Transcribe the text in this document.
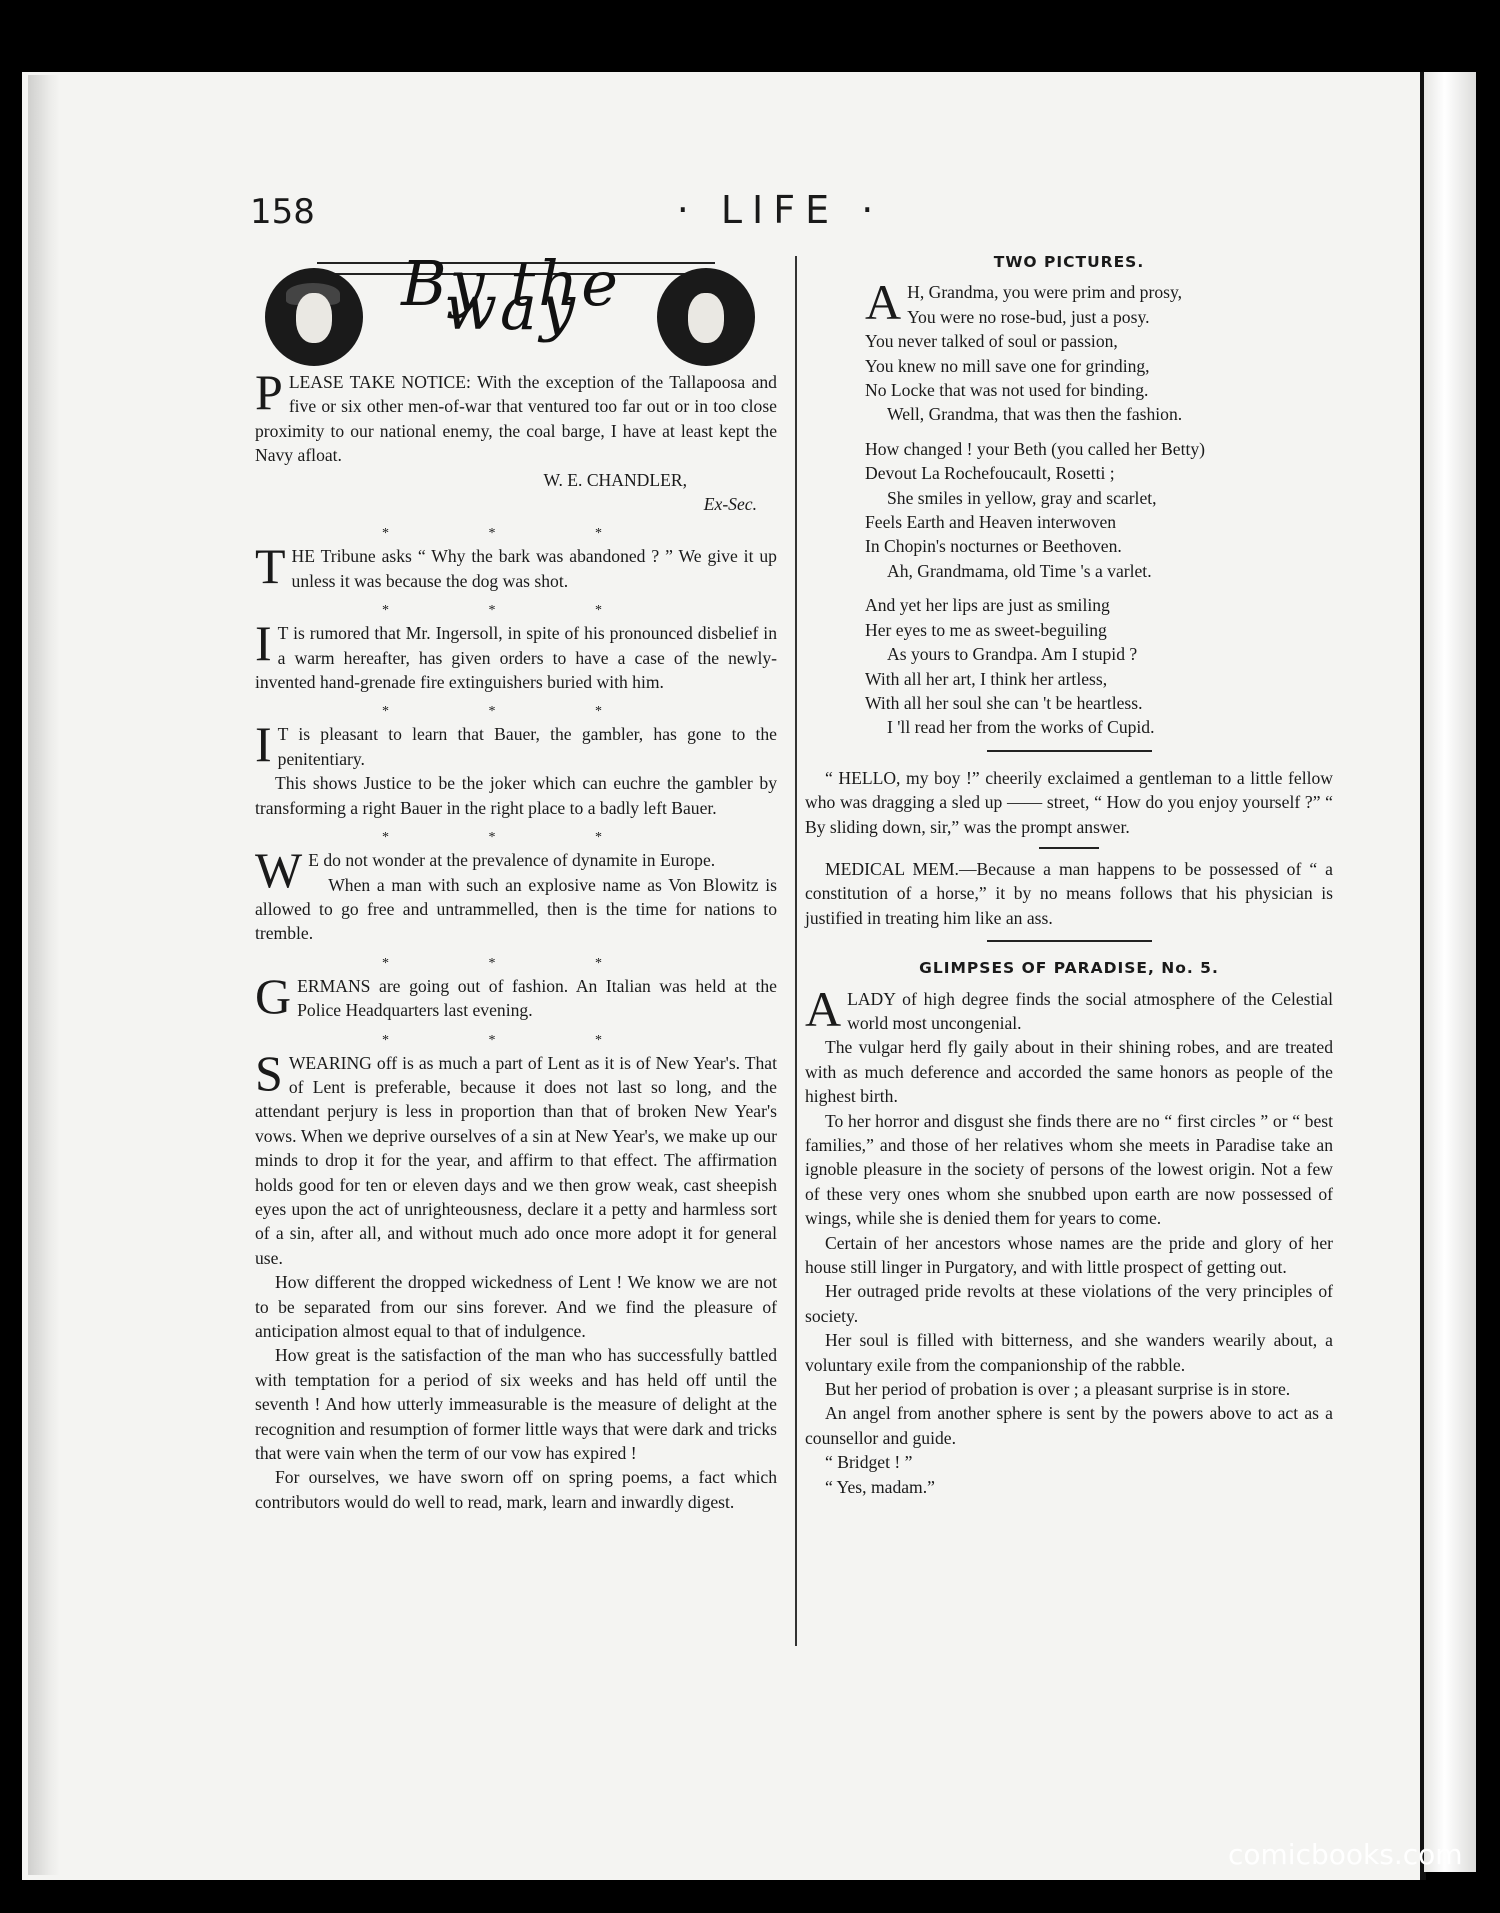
158	· LIFE ·
By the way

PLEASE TAKE NOTICE: With the exception of the Tallapoosa and five or six other men-of-war that ventured too far out or in too close proximity to our national enemy, the coal barge, I have at least kept the Navy afloat.

W. E. CHANDLER,
Ex-Sec.
* * *

THE Tribune asks “ Why the bark was abandoned ? ” We give it up unless it was because the dog was shot.

* * *

I T is rumored that Mr. Ingersoll, in spite of his pronounced disbelief in a warm hereafter, has given orders to have a case of the newly-invented hand-grenade fire extinguishers buried with him.

* * *

I T is pleasant to learn that Bauer, the gambler, has gone to the penitentiary.

This shows Justice to be the joker which can euchre the gambler by transforming a right Bauer in the right place to a badly left Bauer.

* * *

W E do not wonder at the prevalence of dynamite in Europe.

When a man with such an explosive name as Von Blowitz is allowed to go free and untrammelled, then is the time for nations to tremble.

* * *

GERMANS are going out of fashion. An Italian was held at the Police Headquarters last evening.

* * *

SWEARING off is as much a part of Lent as it is of New Year's. That of Lent is preferable, because it does not last so long, and the attendant perjury is less in proportion than that of broken New Year's vows. When we deprive ourselves of a sin at New Year's, we make up our minds to drop it for the year, and affirm to that effect. The affirmation holds good for ten or eleven days and we then grow weak, cast sheepish eyes upon the act of unrighteousness, declare it a petty and harmless sort of a sin, after all, and without much ado once more adopt it for general use.

How different the dropped wickedness of Lent ! We know we are not to be separated from our sins forever. And we find the pleasure of anticipation almost equal to that of indulgence.

How great is the satisfaction of the man who has successfully battled with temptation for a period of six weeks and has held off until the seventh ! And how utterly immeasurable is the measure of delight at the recognition and resumption of former little ways that were dark and tricks that were vain when the term of our vow has expired !

For ourselves, we have sworn off on spring poems, a fact which contributors would do well to read, mark, learn and inwardly digest.

TWO PICTURES.
A H, Grandma, you were prim and prosy,
You were no rose-bud, just a posy.
You never talked of soul or passion,
You knew no mill save one for grinding,
No Locke that was not used for binding.
Well, Grandma, that was then the fashion.
How changed ! your Beth (you called her Betty)
Devout La Rochefoucault, Rosetti ;
She smiles in yellow, gray and scarlet,
Feels Earth and Heaven interwoven
In Chopin's nocturnes or Beethoven.
Ah, Grandmama, old Time 's a varlet.
And yet her lips are just as smiling
Her eyes to me as sweet-beguiling
As yours to Grandpa. Am I stupid ?
With all her art, I think her artless,
With all her soul she can 't be heartless.
I 'll read her from the works of Cupid.

“ HELLO, my boy !” cheerily exclaimed a gentleman to a little fellow who was dragging a sled up —— street, “ How do you enjoy yourself ?” “ By sliding down, sir,” was the prompt answer.

MEDICAL MEM.—Because a man happens to be possessed of “ a constitution of a horse,” it by no means follows that his physician is justified in treating him like an ass.

GLIMPSES OF PARADISE, No. 5.

ALADY of high degree finds the social atmosphere of the Celestial world most uncongenial.

The vulgar herd fly gaily about in their shining robes, and are treated with as much deference and accorded the same honors as people of the highest birth.

To her horror and disgust she finds there are no “ first circles ” or “ best families,” and those of her relatives whom she meets in Paradise take an ignoble pleasure in the society of persons of the lowest origin. Not a few of these very ones whom she snubbed upon earth are now possessed of wings, while she is denied them for years to come.

Certain of her ancestors whose names are the pride and glory of her house still linger in Purgatory, and with little prospect of getting out.

Her outraged pride revolts at these violations of the very principles of society.

Her soul is filled with bitterness, and she wanders wearily about, a voluntary exile from the companionship of the rabble.

But her period of probation is over ; a pleasant surprise is in store.

An angel from another sphere is sent by the powers above to act as a counsellor and guide.

“ Bridget ! ”

“ Yes, madam.”

comicbooks.com
